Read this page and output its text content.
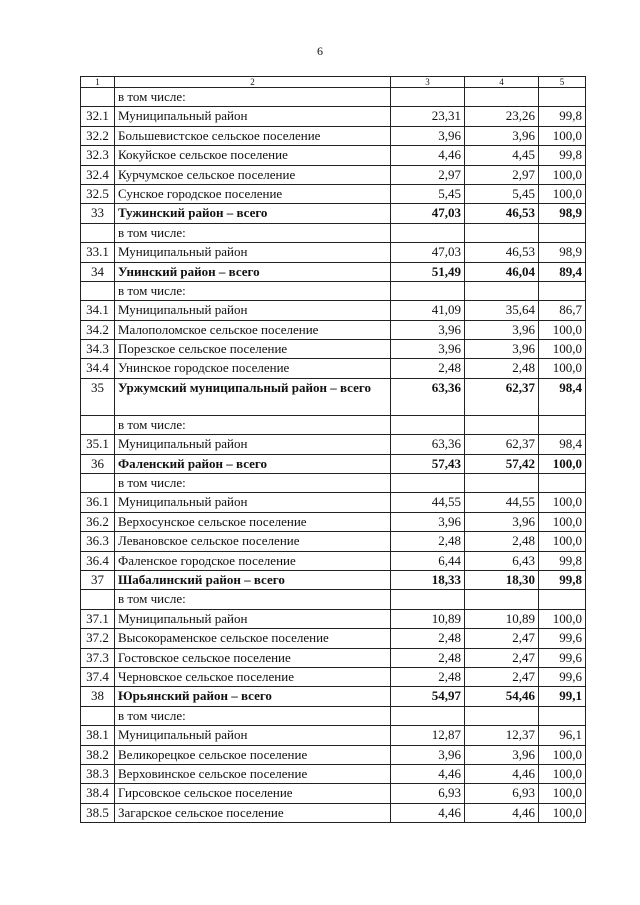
6
1	2	3	4	5
	в том числе:			
32.1	Муниципальный район	23,31	23,26	99,8
32.2	Большевистское сельское поселение	3,96	3,96	100,0
32.3	Кокуйское сельское поселение	4,46	4,45	99,8
32.4	Курчумское сельское поселение	2,97	2,97	100,0
32.5	Сунское городское поселение	5,45	5,45	100,0
33	Тужинский район – всего	47,03	46,53	98,9
	в том числе:			
33.1	Муниципальный район	47,03	46,53	98,9
34	Унинский район – всего	51,49	46,04	89,4
	в том числе:			
34.1	Муниципальный район	41,09	35,64	86,7
34.2	Малополомское сельское поселение	3,96	3,96	100,0
34.3	Порезское сельское поселение	3,96	3,96	100,0
34.4	Унинское городское поселение	2,48	2,48	100,0
35	Уржумский муниципальный район – всего	63,36	62,37	98,4
	в том числе:			
35.1	Муниципальный район	63,36	62,37	98,4
36	Фаленский район – всего	57,43	57,42	100,0
	в том числе:			
36.1	Муниципальный район	44,55	44,55	100,0
36.2	Верхосунское сельское поселение	3,96	3,96	100,0
36.3	Левановское сельское поселение	2,48	2,48	100,0
36.4	Фаленское городское поселение	6,44	6,43	99,8
37	Шабалинский район – всего	18,33	18,30	99,8
	в том числе:			
37.1	Муниципальный район	10,89	10,89	100,0
37.2	Высокораменское сельское поселение	2,48	2,47	99,6
37.3	Гостовское сельское поселение	2,48	2,47	99,6
37.4	Черновское сельское поселение	2,48	2,47	99,6
38	Юрьянский район – всего	54,97	54,46	99,1
	в том числе:			
38.1	Муниципальный район	12,87	12,37	96,1
38.2	Великорецкое сельское поселение	3,96	3,96	100,0
38.3	Верховинское сельское поселение	4,46	4,46	100,0
38.4	Гирсовское сельское поселение	6,93	6,93	100,0
38.5	Загарское сельское поселение	4,46	4,46	100,0
